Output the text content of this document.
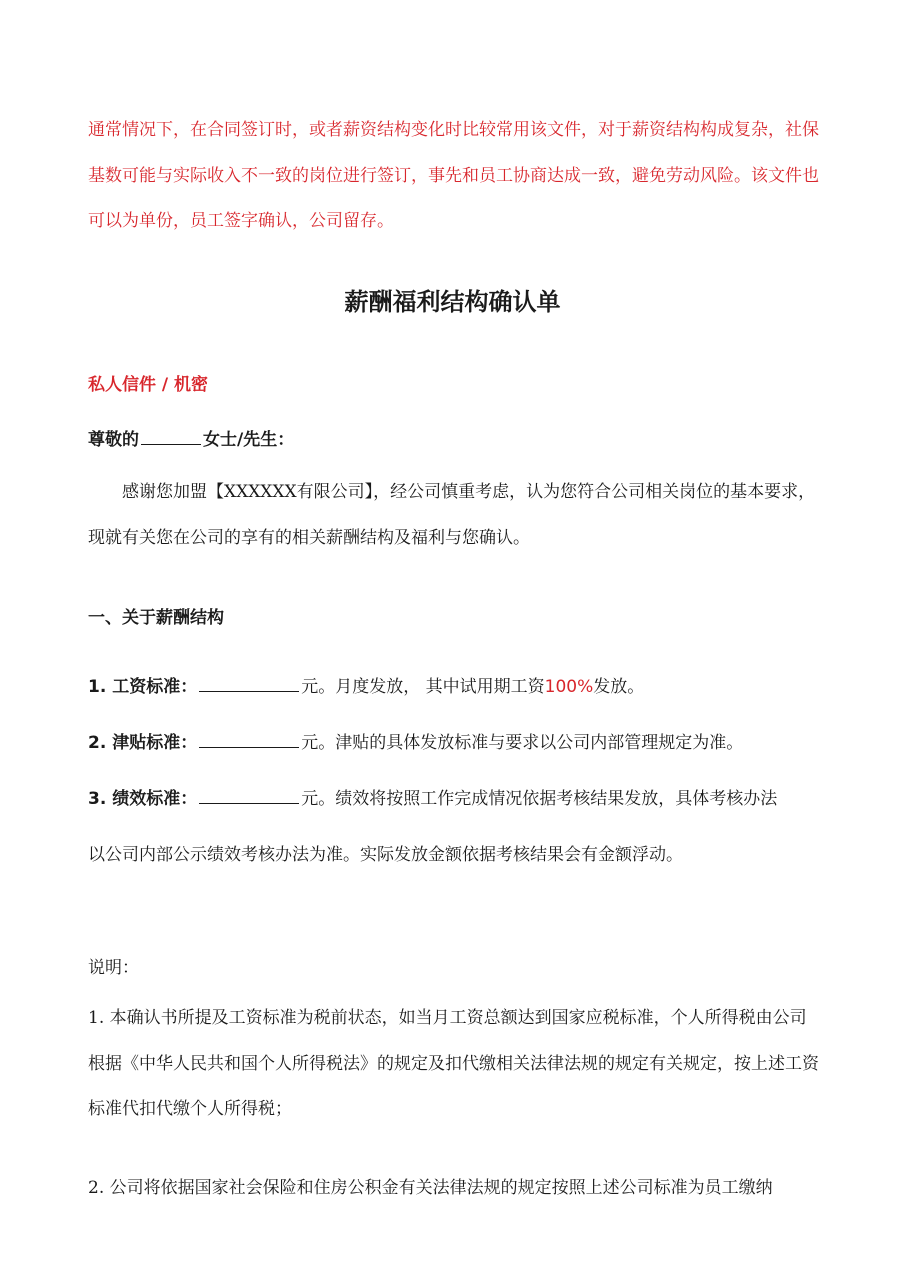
通常情况下，在合同签订时，或者薪资结构变化时比较常用该文件，对于薪资结构构成复杂，社保基数可能与实际收入不一致的岗位进行签订，事先和员工协商达成一致，避免劳动风险。该文件也可以为单份，员工签字确认，公司留存。

薪酬福利结构确认单

私人信件 / 机密

尊敬的	女士/先生：

感谢您加盟【XXXXXX有限公司】，经公司慎重考虑，认为您符合公司相关岗位的基本要求，现就有关您在公司的享有的相关薪酬结构及福利与您确认。

一、关于薪酬结构

1. 工资标准：	元。月度发放， 其中试用期工资100%发放。

2. 津贴标准：	元。津贴的具体发放标准与要求以公司内部管理规定为准。

3. 绩效标准：	元。绩效将按照工作完成情况依据考核结果发放，具体考核办法

以公司内部公示绩效考核办法为准。实际发放金额依据考核结果会有金额浮动。

说明：

1. 本确认书所提及工资标准为税前状态，如当月工资总额达到国家应税标准，个人所得税由公司根据《中华人民共和国个人所得税法》的规定及扣代缴相关法律法规的规定有关规定，按上述工资标准代扣代缴个人所得税；

2. 公司将依据国家社会保险和住房公积金有关法律法规的规定按照上述公司标准为员工缴纳
